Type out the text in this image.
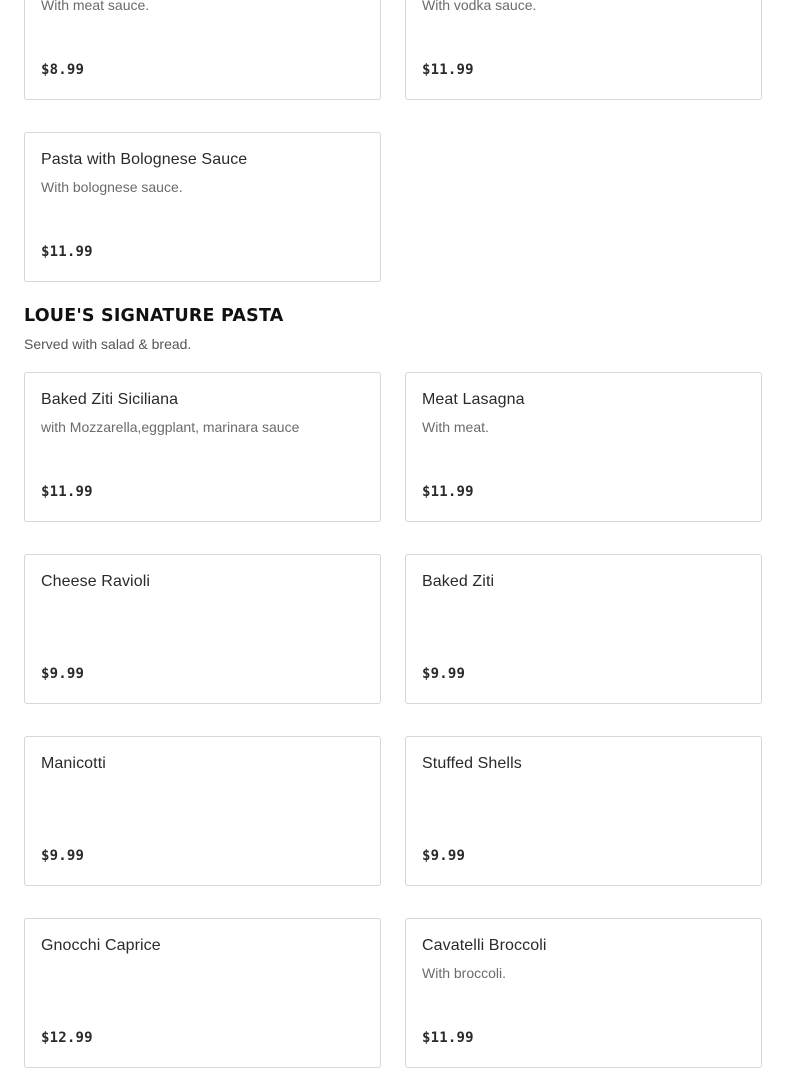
With meat sauce.
$8.99
With vodka sauce.
$11.99
Pasta with Bolognese Sauce
With bolognese sauce.
$11.99
LOUE'S SIGNATURE PASTA

Served with salad & bread.

Baked Ziti Siciliana
with Mozzarella,eggplant, marinara sauce
$11.99
Meat Lasagna
With meat.
$11.99
Cheese Ravioli
$9.99
Baked Ziti
$9.99
Manicotti
$9.99
Stuffed Shells
$9.99
Gnocchi Caprice
$12.99
Cavatelli Broccoli
With broccoli.
$11.99
